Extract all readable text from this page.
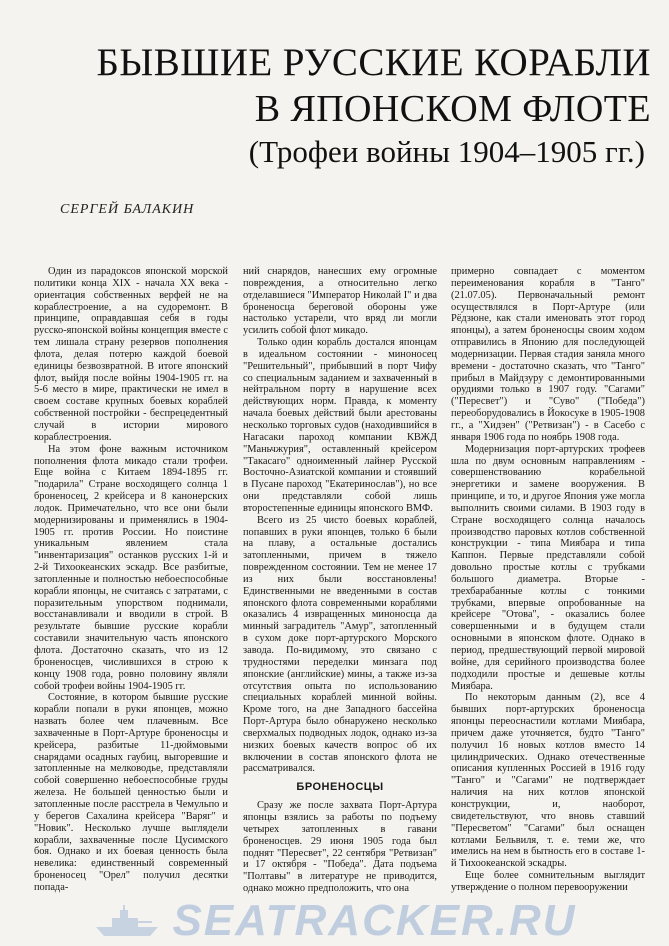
БЫВШИЕ РУССКИЕ КОРАБЛИ

В ЯПОНСКОМ ФЛОТЕ

(Трофеи войны 1904–1905 гг.)

СЕРГЕЙ БАЛАКИН

Один из парадоксов японской морской политики конца XIX - начала XX века - ориентация собственных верфей не на кораблестроение, а на судоремонт. В принципе, оправдавшая себя в годы русско-японской войны концепция вместе с тем лишала страну резервов пополнения флота, делая потерю каждой боевой единицы безвозвратной. В итоге японский флот, выйдя после войны 1904-1905 гг. на 5-6 место в мире, практически не имел в своем составе крупных боевых кораблей собственной постройки - беспрецедентный случай в истории мирового кораблестроения.

На этом фоне важным источником пополнения флота микадо стали трофеи. Еще война с Китаем 1894-1895 гг. "подарила" Стране восходящего солнца 1 броненосец, 2 крейсера и 8 канонерских лодок. Примечательно, что все они были модернизированы и применялись в 1904-1905 гг. против России. Но поистине уникальным явлением стала "инвентаризация" останков русских 1-й и 2-й Тихоокеанских эскадр. Все разбитые, затопленные и полностью небоеспособные корабли японцы, не считаясь с затратами, с поразительным упорством поднимали, восстанавливали и вводили в строй. В результате бывшие русские корабли составили значительную часть японского флота. Достаточно сказать, что из 12 броненосцев, числившихся в строю к концу 1908 года, ровно половину являли собой трофеи войны 1904-1905 гг.

Состояние, в котором бывшие русские корабли попали в руки японцев, можно назвать более чем плачевным. Все захваченные в Порт-Артуре броненосцы и крейсера, разбитые 11-дюймовыми снарядами осадных гаубиц, выгоревшие и затопленные на мелководье, представляли собой совершенно небоеспособные груды железа. Не большей ценностью были и затопленные после расстрела в Чемульпо и у берегов Сахалина крейсера "Варяг" и "Новик". Несколько лучше выглядели корабли, захваченные после Цусимского боя. Однако и их боевая ценность была невелика: единственный современный броненосец "Орел" получил десятки попада-

ний снарядов, нанесших ему огромные повреждения, а относительно легко отделавшиеся "Император Николай I" и два броненосца береговой обороны уже настолько устарели, что вряд ли могли усилить собой флот микадо.

Только один корабль достался японцам в идеальном состоянии - миноносец "Решительный", прибывший в порт Чифу со специальным заданием и захваченный в нейтральном порту в нарушение всех действующих норм. Правда, к моменту начала боевых действий были арестованы несколько торговых судов (находившийся в Нагасаки пароход компании КВЖД "Маньчжурия", оставленный крейсером "Такасаго" одноименный лайнер Русской Восточно-Азиатской компании и стоявший в Пусане пароход "Екатеринослав"), но все они представляли собой лишь второстепенные единицы японского ВМФ.

Всего из 25 чисто боевых кораблей, попавших в руки японцев, только 6 были на плаву, а остальные достались затопленными, причем в тяжело поврежденном состоянии. Тем не менее 17 из них были восстановлены! Единственными не введенными в состав японского флота современными кораблями оказались 4 извращенных миноносца да минный заградитель "Амур", затопленный в сухом доке порт-артурского Морского завода. По-видимому, это связано с трудностями переделки минзага под японские (английские) мины, а также из-за отсутствия опыта по использованию специальных кораблей минной войны. Кроме того, на дне Западного бассейна Порт-Артура было обнаружено несколько сверхмалых подводных лодок, однако из-за низких боевых качеств вопрос об их включении в состав японского флота не рассматривался.

БРОНЕНОСЦЫ

Сразу же после захвата Порт-Артура японцы взялись за работы по подъему четырех затопленных в гавани броненосцев. 29 июня 1905 года был поднят "Пересвет", 22 сентября "Ретвизан" и 17 октября - "Победа". Дата подъема "Полтавы" в литературе не приводится, однако можно предположить, что она

примерно совпадает с моментом переименования корабля в "Танго" (21.07.05). Первоначальный ремонт осуществлялся в Порт-Артуре (или Рёдзюне, как стали именовать этот город японцы), а затем броненосцы своим ходом отправились в Японию для последующей модернизации. Первая стадия заняла много времени - достаточно сказать, что "Танго" прибыл в Майдзуру с демонтированными орудиями только в 1907 году. "Сагами" ("Пересвет") и "Суво" ("Победа") переоборудовались в Йокосуке в 1905-1908 гг., а "Хидзен" ("Ретвизан") - в Сасебо с января 1906 года по ноябрь 1908 года.

Модернизация порт-артурских трофеев шла по двум основным направлениям - совершенствованию корабельной энергетики и замене вооружения. В принципе, и то, и другое Япония уже могла выполнить своими силами. В 1903 году в Стране восходящего солнца началось производство паровых котлов собственной конструкции - типа Миябара и типа Каппон. Первые представляли собой довольно простые котлы с трубками большого диаметра. Вторые - трехбарабанные котлы с тонкими трубками, впервые опробованные на крейсере "Отова", - оказались более совершенными и в будущем стали основными в японском флоте. Однако в период, предшествующий первой мировой войне, для серийного производства более подходили простые и дешевые котлы Миябара.

По некоторым данным (2), все 4 бывших порт-артурских броненосца японцы переоснастили котлами Миябара, причем даже уточняется, будто "Танго" получил 16 новых котлов вместо 14 цилиндрических. Однако отечественные описания купленных Россией в 1916 году "Танго" и "Сагами" не подтверждает наличия на них котлов японской конструкции, и, наоборот, свидетельствуют, что вновь ставший "Пересветом" "Сагами" был оснащен котлами Бельвиля, т. е. теми же, что имелись на нем в бытность его в составе 1-й Тихоокеанской эскадры.

Еще более сомнительным выглядит утверждение о полном перевооружении

SEATRACKER.RU
